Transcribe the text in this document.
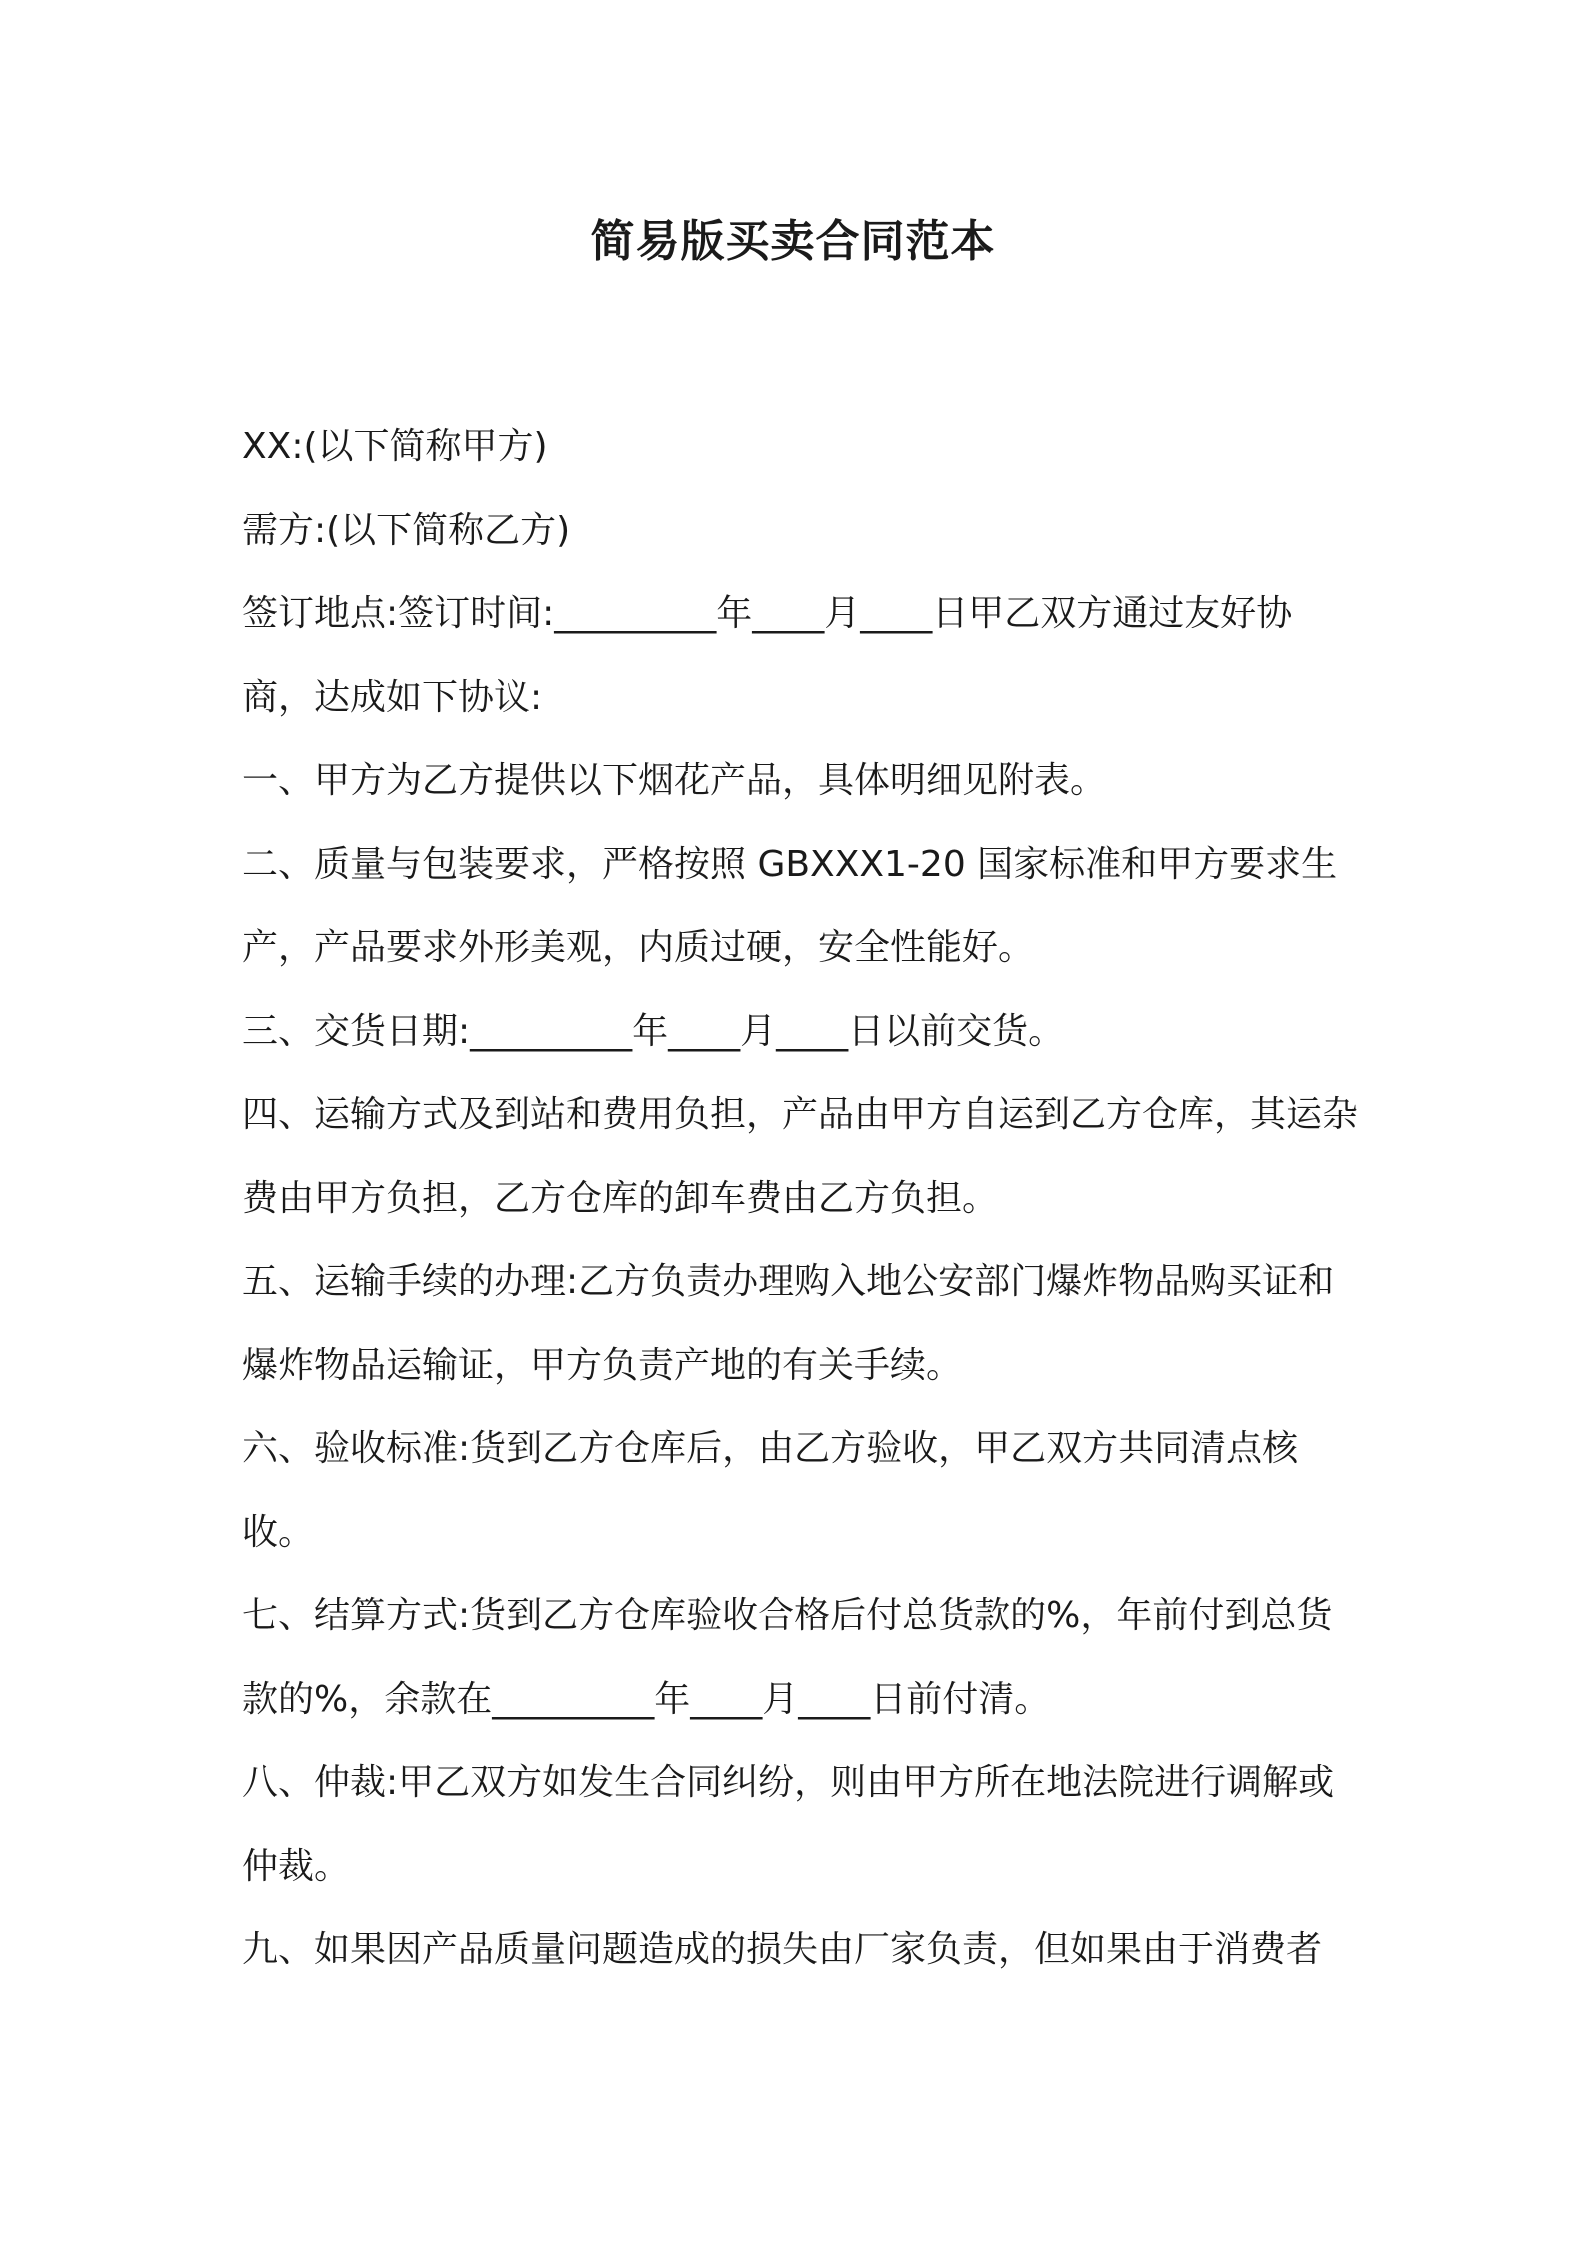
简易版买卖合同范本

XX:(以下简称甲方)

需方:(以下简称乙方)

签订地点:签订时间:_________年____月____日甲乙双方通过友好协商，达成如下协议:

一、甲方为乙方提供以下烟花产品，具体明细见附表。

二、质量与包装要求，严格按照 GBXXX1-20 国家标准和甲方要求生产，产品要求外形美观，内质过硬，安全性能好。

三、交货日期:_________年____月____日以前交货。

四、运输方式及到站和费用负担，产品由甲方自运到乙方仓库，其运杂费由甲方负担，乙方仓库的卸车费由乙方负担。

五、运输手续的办理:乙方负责办理购入地公安部门爆炸物品购买证和爆炸物品运输证，甲方负责产地的有关手续。

六、验收标准:货到乙方仓库后，由乙方验收，甲乙双方共同清点核收。

七、结算方式:货到乙方仓库验收合格后付总货款的%，年前付到总货款的%，余款在_________年____月____日前付清。

八、仲裁:甲乙双方如发生合同纠纷，则由甲方所在地法院进行调解或仲裁。

九、如果因产品质量问题造成的损失由厂家负责，但如果由于消费者
